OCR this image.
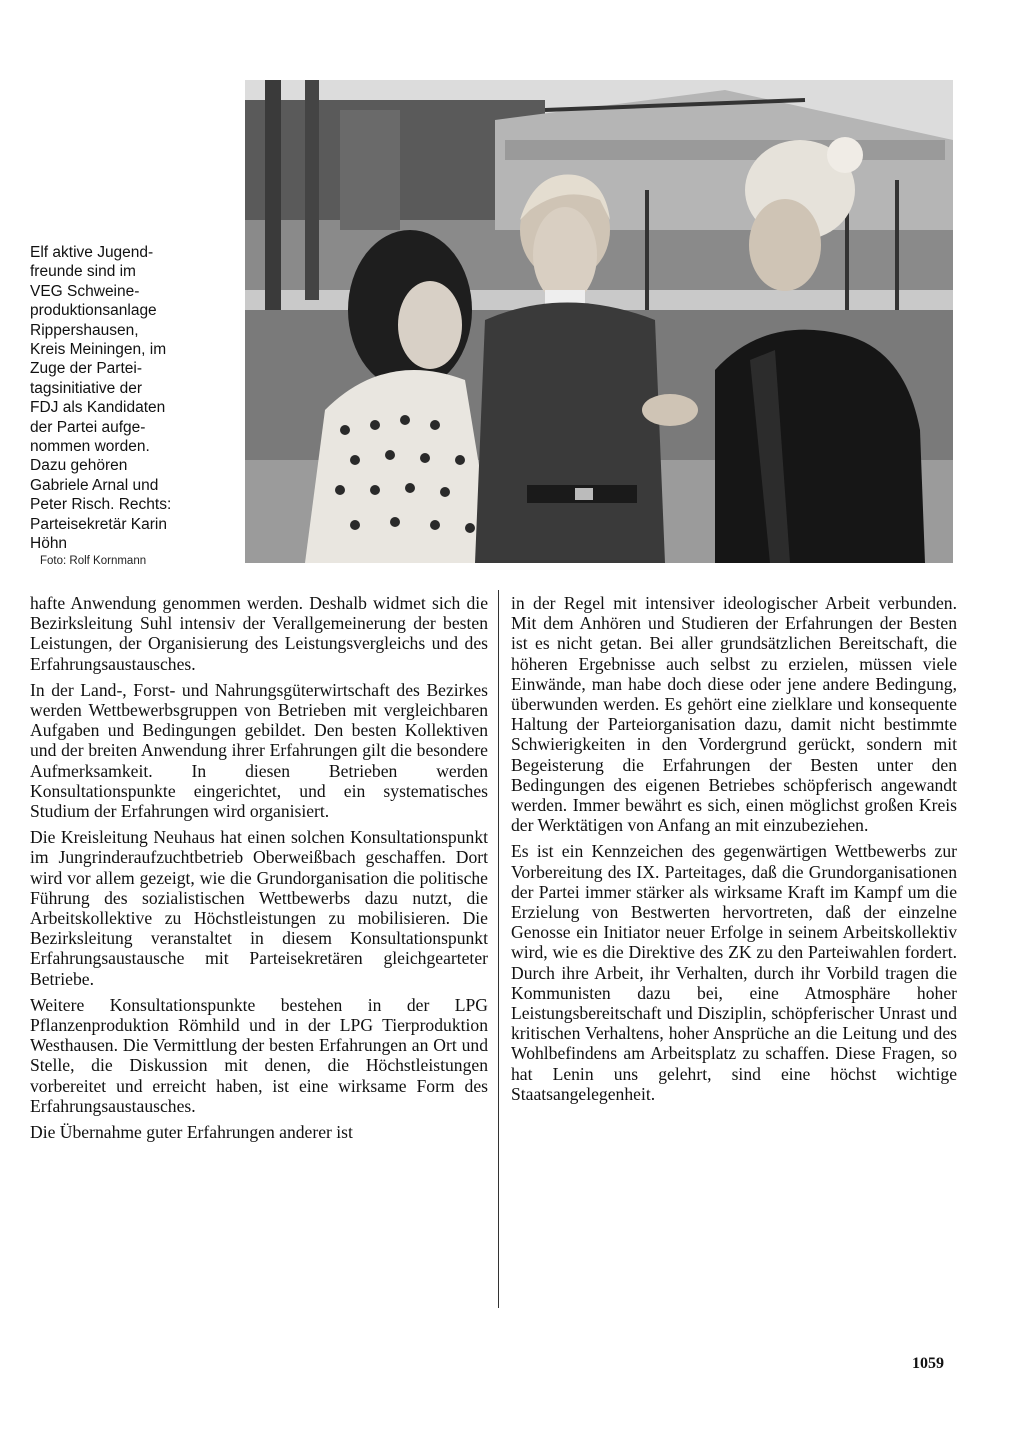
Elf aktive Jugend-

freunde sind im

VEG Schweine-

produktionsanlage

Rippershausen,

Kreis Meiningen, im

Zuge der Partei-

tagsinitiative der

FDJ als Kandidaten

der Partei aufge-

nommen worden.

Dazu gehören

Gabriele Arnal und

Peter Risch. Rechts:

Parteisekretär Karin

Höhn

Foto: Rolf Kornmann

hafte Anwendung genommen werden. Deshalb widmet sich die Bezirksleitung Suhl intensiv der Verallgemeinerung der besten Leistungen, der Organisierung des Leistungsvergleichs und des Erfahrungsaustausches.

In der Land-, Forst- und Nahrungsgüterwirtschaft des Bezirkes werden Wettbewerbsgruppen von Betrieben mit vergleichbaren Aufgaben und Bedingungen gebildet. Den besten Kollektiven und der breiten Anwendung ihrer Erfahrungen gilt die besondere Aufmerksamkeit. In diesen Betrieben werden Konsultationspunkte eingerichtet, und ein systematisches Studium der Erfahrungen wird organisiert.

Die Kreisleitung Neuhaus hat einen solchen Konsultationspunkt im Jungrinderaufzuchtbetrieb Oberweißbach geschaffen. Dort wird vor allem gezeigt, wie die Grundorganisation die politische Führung des sozialistischen Wettbewerbs dazu nutzt, die Arbeitskollektive zu Höchstleistungen zu mobilisieren. Die Bezirksleitung veranstaltet in diesem Konsultationspunkt Erfahrungsaustausche mit Parteisekretären gleichgearteter Betriebe.

Weitere Konsultationspunkte bestehen in der LPG Pflanzenproduktion Römhild und in der LPG Tierproduktion Westhausen. Die Vermittlung der besten Erfahrungen an Ort und Stelle, die Diskussion mit denen, die Höchstleistungen vorbereitet und erreicht haben, ist eine wirksame Form des Erfahrungsaustausches.

Die Übernahme guter Erfahrungen anderer ist

in der Regel mit intensiver ideologischer Arbeit verbunden. Mit dem Anhören und Studieren der Erfahrungen der Besten ist es nicht getan. Bei aller grundsätzlichen Bereitschaft, die höheren Ergebnisse auch selbst zu erzielen, müssen viele Einwände, man habe doch diese oder jene andere Bedingung, überwunden werden. Es gehört eine zielklare und konsequente Haltung der Parteiorganisation dazu, damit nicht bestimmte Schwierigkeiten in den Vordergrund gerückt, sondern mit Begeisterung die Erfahrungen der Besten unter den Bedingungen des eigenen Betriebes schöpferisch angewandt werden. Immer bewährt es sich, einen möglichst großen Kreis der Werktätigen von Anfang an mit einzubeziehen.

Es ist ein Kennzeichen des gegenwärtigen Wettbewerbs zur Vorbereitung des IX. Parteitages, daß die Grundorganisationen der Partei immer stärker als wirksame Kraft im Kampf um die Erzielung von Bestwerten hervortreten, daß der einzelne Genosse ein Initiator neuer Erfolge in seinem Arbeitskollektiv wird, wie es die Direktive des ZK zu den Parteiwahlen fordert. Durch ihre Arbeit, ihr Verhalten, durch ihr Vorbild tragen die Kommunisten dazu bei, eine Atmosphäre hoher Leistungsbereitschaft und Disziplin, schöpferischer Unrast und kritischen Verhaltens, hoher Ansprüche an die Leitung und des Wohlbefindens am Arbeitsplatz zu schaffen. Diese Fragen, so hat Lenin uns gelehrt, sind eine höchst wichtige Staatsangelegenheit.

1059
